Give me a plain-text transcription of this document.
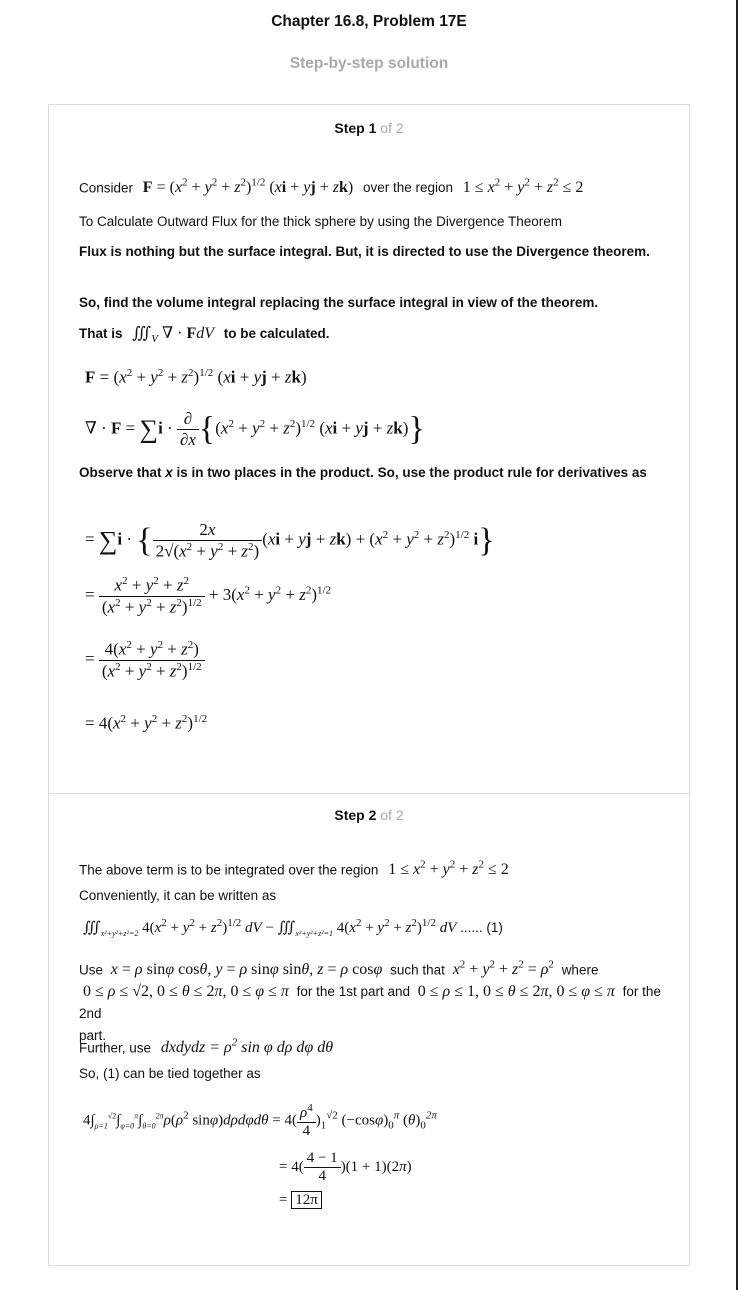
Chapter 16.8, Problem 17E
Step-by-step solution
Step 1 of 2
Consider $F = (x^2 + y^2 + z^2)^{1/2}$ (xi + yj + zk) over the region $1 \le x^2 + y^2 + z^2 \le 2$
To Calculate Outward Flux for the thick sphere by using the Divergence Theorem
Flux is nothing but the surface integral. But, it is directed to use the Divergence theorem.
So, find the volume integral replacing the surface integral in view of the theorem.
That is $∭_V$ ∇ · FdV to be calculated.
$F = (x^2 + y^2 + z^2)^{1/2}$ (xi + yj + zk)
∇ · $F = \sum i \cdot \frac{\partial}{\partial x} \{(x^2 + y^2 + z^2)^{1/2}$ (xi + yj + zk)}
Observe that x is in two places in the product. So, use the product rule for derivatives as
= ∑i · { $\frac{2x}{2√(x^2 + y^2 + z^2)} (xi$ + yj + $zk) + (x^2 + y^2 + z^2)^{1/2}$ i}
= $\frac{x^2 + y^2 + z^2}{(x^2 + y^2 + z^2)^{1/2}} + 3(x^2 + y^2 + z^2)^{1/2}$
= $\frac{4(x^2 + y^2 + z^2)}{(x^2 + y^2 + z^2)^{1/2}}$
= $4(x^2 + y^2 + z^2)^{1/2}$
Step 2 of 2
The above term is to be integrated over the region $1 \le x^2 + y^2 + z^2 \le 2$
Conveniently, it can be written as
$∭_{x^2+y^2+z^2=2}$ $4(x^2 + y^2 + z^2)^{1/2}$ dV − $∭_{x^2+y^2+z^2=1}$ $4(x^2 + y^2 + z^2)^{1/2}$ dV ...... (1)
Use x = ρ sinφ cosθ, y = ρ sinφ sinθ, z = ρ cosφ such that $x^2 + y^2 + z^2 = \rho^2$ where
0 ≤ ρ ≤ √2, 0 ≤ θ ≤ 2π, 0 ≤ φ ≤ π for the 1st part and 0 ≤ ρ ≤ 1, 0 ≤ θ ≤ 2π, 0 ≤ φ ≤ π for the 2nd
part.
Further, use dxdydz = $\rho^2$ sin φ dρ dφ dθ
So, (1) can be tied together as
$4\int_{\rho=1}^{√2}\int_{\varphi=0}^\pi\int_{\theta=0}^{2\pi}\rho(\rho^2$ $\sin\varphi)d\rho d\varphi d\theta = 4( \frac{\rho^4}{4} )_1^{√2}$ $(-\cos\varphi)_0^\pi$ $(\theta)_0^{2\pi}$
= $4( \frac{4 - 1}{4} )(1 + 1)(2\pi)$
= 12π
